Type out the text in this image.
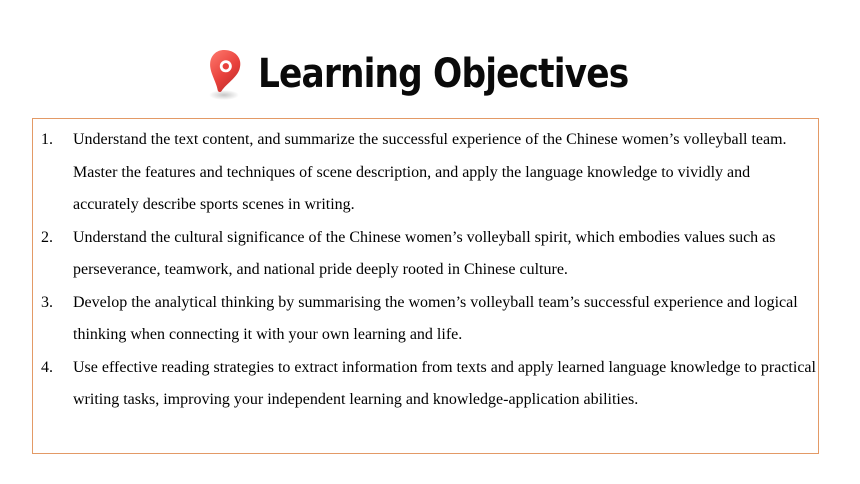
Learning Objectives
1.	Understand the text content, and summarize the successful experience of the Chinese women’s volleyball team. Master the features and techniques of scene description, and apply the language knowledge to vividly and accurately describe sports scenes in writing.
2.	Understand the cultural significance of the Chinese women’s volleyball spirit, which embodies values such as perseverance, teamwork, and national pride deeply rooted in Chinese culture.
3.	Develop the analytical thinking by summarising the women’s volleyball team’s successful experience and logical thinking when connecting it with your own learning and life.
4.	Use effective reading strategies to extract information from texts and apply learned language knowledge to practical writing tasks, improving your independent learning and knowledge-application abilities.
